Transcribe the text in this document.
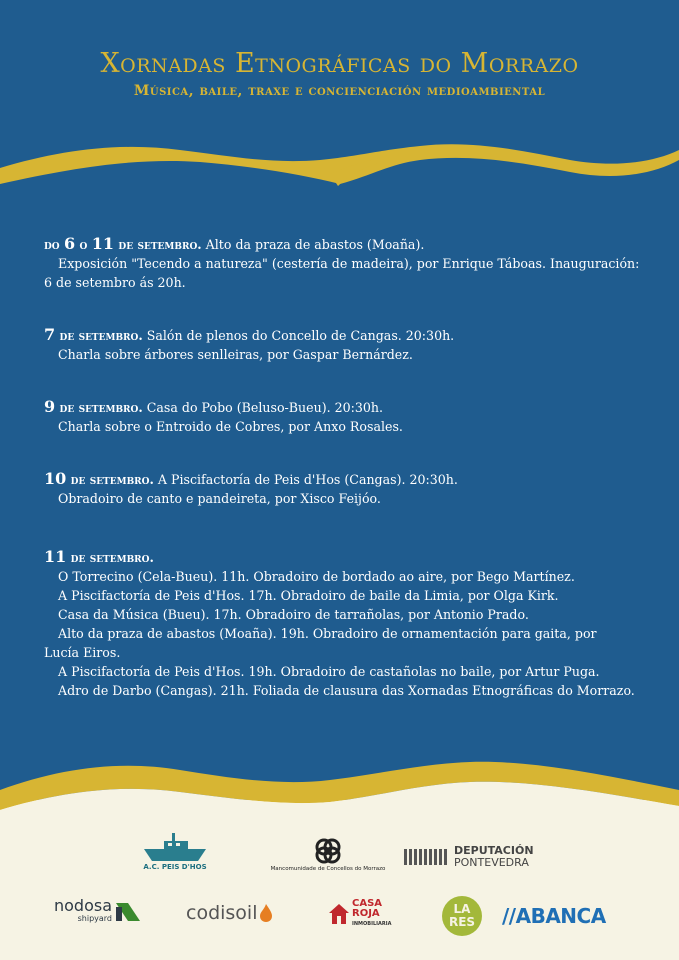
Xornadas Etnográficas do Morrazo
Música, baile, traxe e concienciación medioambiental
do 6 o 11 de setembro. Alto da praza de abastos (Moaña).
Exposición "Tecendo a natureza" (cestería de madeira), por Enrique Táboas. Inauguración:
6 de setembro ás 20h.
7 de setembro. Salón de plenos do Concello de Cangas. 20:30h.
Charla sobre árbores senlleiras, por Gaspar Bernárdez.
9 de setembro. Casa do Pobo (Beluso-Bueu). 20:30h.
Charla sobre o Entroido de Cobres, por Anxo Rosales.
10 de setembro. A Piscifactoría de Peis d'Hos (Cangas). 20:30h.
Obradoiro de canto e pandeireta, por Xisco Feijóo.
11 de setembro.
O Torrecino (Cela-Bueu). 11h. Obradoiro de bordado ao aire, por Bego Martínez.
A Piscifactoría de Peis d'Hos. 17h. Obradoiro de baile da Limia, por Olga Kirk.
Casa da Música (Bueu). 17h. Obradoiro de tarrañolas, por Antonio Prado.
Alto da praza de abastos (Moaña). 19h. Obradoiro de ornamentación para gaita, por
Lucía Eiros.
A Piscifactoría de Peis d'Hos. 19h. Obradoiro de castañolas no baile, por Artur Puga.
Adro de Darbo (Cangas). 21h. Foliada de clausura das Xornadas Etnográficas do Morrazo.
A.C. PEIS D'HOS	Mancomunidade de Concellos do Morrazo
DEPUTACIÓN
PONTEVEDRA
nodosa
shipyard	codisoil	CASA
ROJA
INMOBILIARIA
LA
RES //ABANCA
